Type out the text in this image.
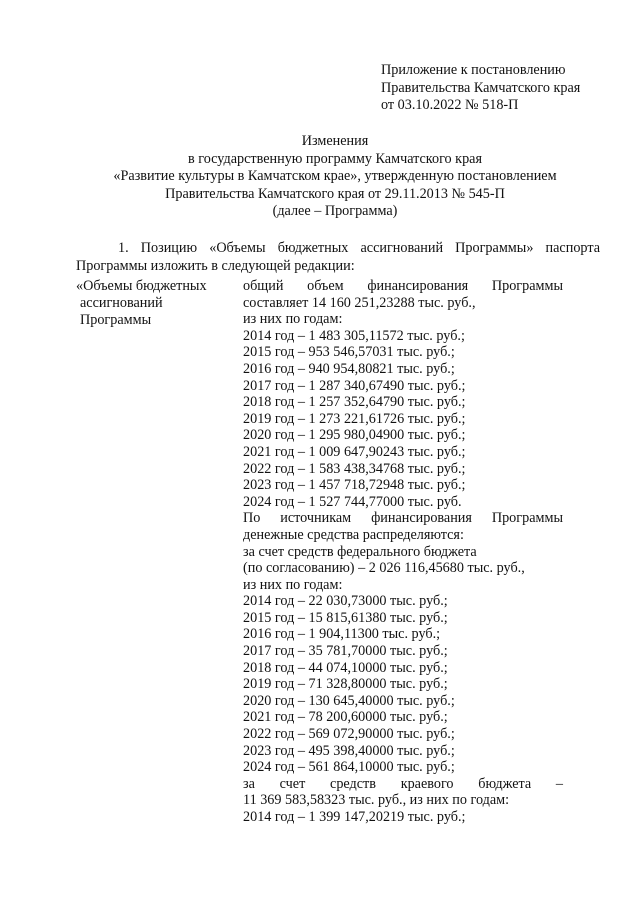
Приложение к постановлению
Правительства Камчатского края
от 03.10.2022 № 518-П
Изменения
в государственную программу Камчатского края
«Развитие культуры в Камчатском крае», утвержденную постановлением
Правительства Камчатского края от 29.11.2013 № 545-П
(далее – Программа)
1. Позицию «Объемы бюджетных ассигнований Программы» паспорта
Программы изложить в следующей редакции:
«Объемы бюджетных
ассигнований
Программы
общий объем финансирования Программы
составляет 14 160 251,23288 тыс. руб.,
из них по годам:
2014 год – 1 483 305,11572 тыс. руб.;
2015 год – 953 546,57031 тыс. руб.;
2016 год – 940 954,80821 тыс. руб.;
2017 год – 1 287 340,67490 тыс. руб.;
2018 год – 1 257 352,64790 тыс. руб.;
2019 год – 1 273 221,61726 тыс. руб.;
2020 год – 1 295 980,04900 тыс. руб.;
2021 год – 1 009 647,90243 тыс. руб.;
2022 год – 1 583 438,34768 тыс. руб.;
2023 год – 1 457 718,72948 тыс. руб.;
2024 год – 1 527 744,77000 тыс. руб.
По источникам финансирования Программы
денежные средства распределяются:
за счет средств федерального бюджета
(по согласованию) – 2 026 116,45680 тыс. руб.,
из них по годам:
2014 год – 22 030,73000 тыс. руб.;
2015 год – 15 815,61380 тыс. руб.;
2016 год – 1 904,11300 тыс. руб.;
2017 год – 35 781,70000 тыс. руб.;
2018 год – 44 074,10000 тыс. руб.;
2019 год – 71 328,80000 тыс. руб.;
2020 год – 130 645,40000 тыс. руб.;
2021 год – 78 200,60000 тыс. руб.;
2022 год – 569 072,90000 тыс. руб.;
2023 год – 495 398,40000 тыс. руб.;
2024 год – 561 864,10000 тыс. руб.;
за счет средств краевого бюджета –
11 369 583,58323 тыс. руб., из них по годам:
2014 год – 1 399 147,20219 тыс. руб.;
